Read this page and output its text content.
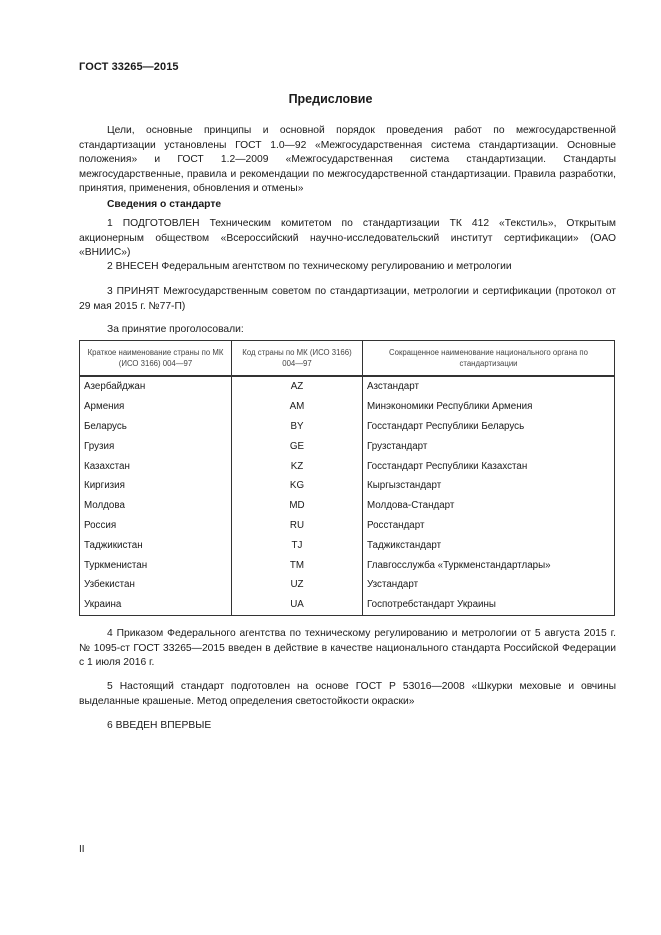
ГОСТ 33265—2015
Предисловие
Цели, основные принципы и основной порядок проведения работ по межгосударственной стандартизации установлены ГОСТ 1.0—92 «Межгосударственная система стандартизации. Основные положения» и ГОСТ 1.2—2009 «Межгосударственная система стандартизации. Стандарты межгосударственные, правила и рекомендации по межгосударственной стандартизации. Правила разработки, принятия, применения, обновления и отмены»
Сведения о стандарте
1 ПОДГОТОВЛЕН Техническим комитетом по стандартизации ТК 412 «Текстиль», Открытым акционерным обществом «Всероссийский научно-исследовательский институт сертификации» (ОАО «ВНИИС»)
2 ВНЕСЕН Федеральным агентством по техническому регулированию и метрологии
3 ПРИНЯТ Межгосударственным советом по стандартизации, метрологии и сертификации (протокол от 29 мая 2015 г. №77-П)
За принятие проголосовали:
Краткое наименование страны по МК (ИСО 3166) 004—97	Код страны по МК (ИСО 3166) 004—97	Сокращенное наименование национального органа по стандартизации
Азербайджан	AZ	Азстандарт
Армения	AM	Минэкономики Республики Армения
Беларусь	BY	Госстандарт Республики Беларусь
Грузия	GE	Грузстандарт
Казахстан	KZ	Госстандарт Республики Казахстан
Киргизия	KG	Кыргызстандарт
Молдова	MD	Молдова-Стандарт
Россия	RU	Росстандарт
Таджикистан	TJ	Таджикстандарт
Туркменистан	TM	Главгосслужба «Туркменстандартлары»
Узбекистан	UZ	Узстандарт
Украина	UA	Госпотребстандарт Украины
4 Приказом Федерального агентства по техническому регулированию и метрологии от 5 августа 2015 г. № 1095-ст ГОСТ 33265—2015 введен в действие в качестве национального стандарта Российской Федерации с 1 июля 2016 г.
5 Настоящий стандарт подготовлен на основе ГОСТ Р 53016—2008 «Шкурки меховые и овчины выделанные крашеные. Метод определения светостойкости окраски»
6 ВВЕДЕН ВПЕРВЫЕ
II
